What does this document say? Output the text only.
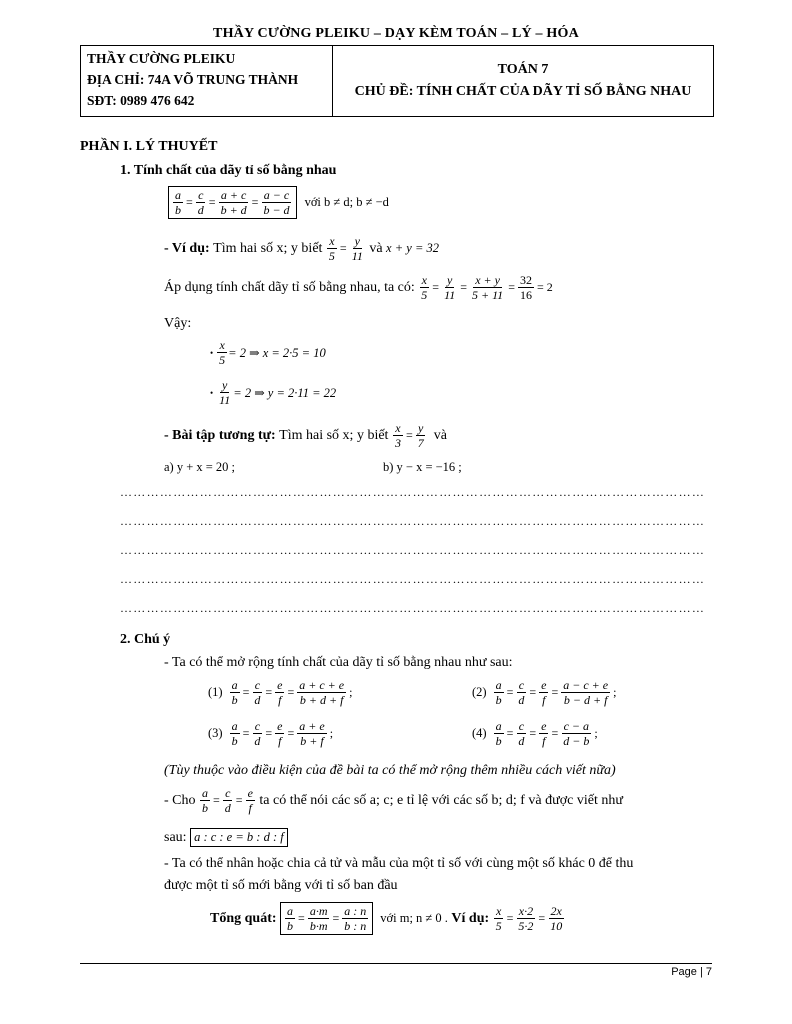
THẦY CƯỜNG PLEIKU – DẠY KÈM TOÁN – LÝ – HÓA
THẦY CƯỜNG PLEIKU
ĐỊA CHỈ: 74A VÕ TRUNG THÀNH
SĐT: 0989 476 642
TOÁN 7
CHỦ ĐỀ: TÍNH CHẤT CỦA DÃY TỈ SỐ BẰNG NHAU
PHẦN I. LÝ THUYẾT
1. Tính chất của dãy tỉ số bằng nhau
$\frac{a}{b} = \frac{c}{d} = \frac{a + c}{b + d} = \frac{a - c}{b - d}$ với b ≠ d; b ≠ −d
- Ví dụ:
Tìm hai số x; y biết
$\frac{x}{5} = \frac{y}{11}$
và
x + y = 32
Áp dụng tính chất dãy tỉ số bằng nhau, ta có:
$\frac{x}{5} = \frac{y}{11} = \frac{x + y}{5 + 11} = \frac{32}{16} = 2$
Vậy:
• $\frac{x}{5} = 2$ ⇒ x = 2·5 = 10
• $\frac{y}{11} = 2$ ⇒ y = 2·11 = 22
- Bài tập tương tự:
Tìm hai số x; y biết
$\frac{x}{3} = \frac{y}{7}$
và
a) y + x = 20 ;	b) y − x = −16 ;
……………………………………………………………………………………………………………………
……………………………………………………………………………………………………………………
……………………………………………………………………………………………………………………
……………………………………………………………………………………………………………………
……………………………………………………………………………………………………………………
2. Chú ý
- Ta có thể mở rộng tính chất của dãy tỉ số bằng nhau như sau:
$(1) \frac{a}{b} = \frac{c}{d} = \frac{e}{f} = \frac{a + c + e}{b + d + f}$ ;	$(2) \frac{a}{b} = \frac{c}{d} = \frac{e}{f} = \frac{a - c + e}{b - d + f}$ ;
$(3) \frac{a}{b} = \frac{c}{d} = \frac{e}{f} = \frac{a + e}{b + f}$ ;	$(4) \frac{a}{b} = \frac{c}{d} = \frac{e}{f} = \frac{c - a}{d - b}$ ;
(Tùy thuộc vào điều kiện của đề bài ta có thể mở rộng thêm nhiều cách viết nữa)
- Cho
$\frac{a}{b} = \frac{c}{d} = \frac{e}{f}$
ta có thể nói các số a; c; e tỉ lệ với các số b; d; f và được viết như
sau:
a : c : e = b : d : f
- Ta có thể nhân hoặc chia cả tử và mẫu của một tỉ số với cùng một số khác 0 để thu
được một tỉ số mới bằng với tỉ số ban đầu
Tổng quát:
$\frac{a}{b} = \frac{a\cdot m}{b\cdot m} = \frac{a : n}{b : n}$
với m; n ≠ 0 .
Ví dụ:
$\frac{x}{5} = \frac{x\cdot 2}{5\cdot 2} = \frac{2x}{10}$
Page | 7
